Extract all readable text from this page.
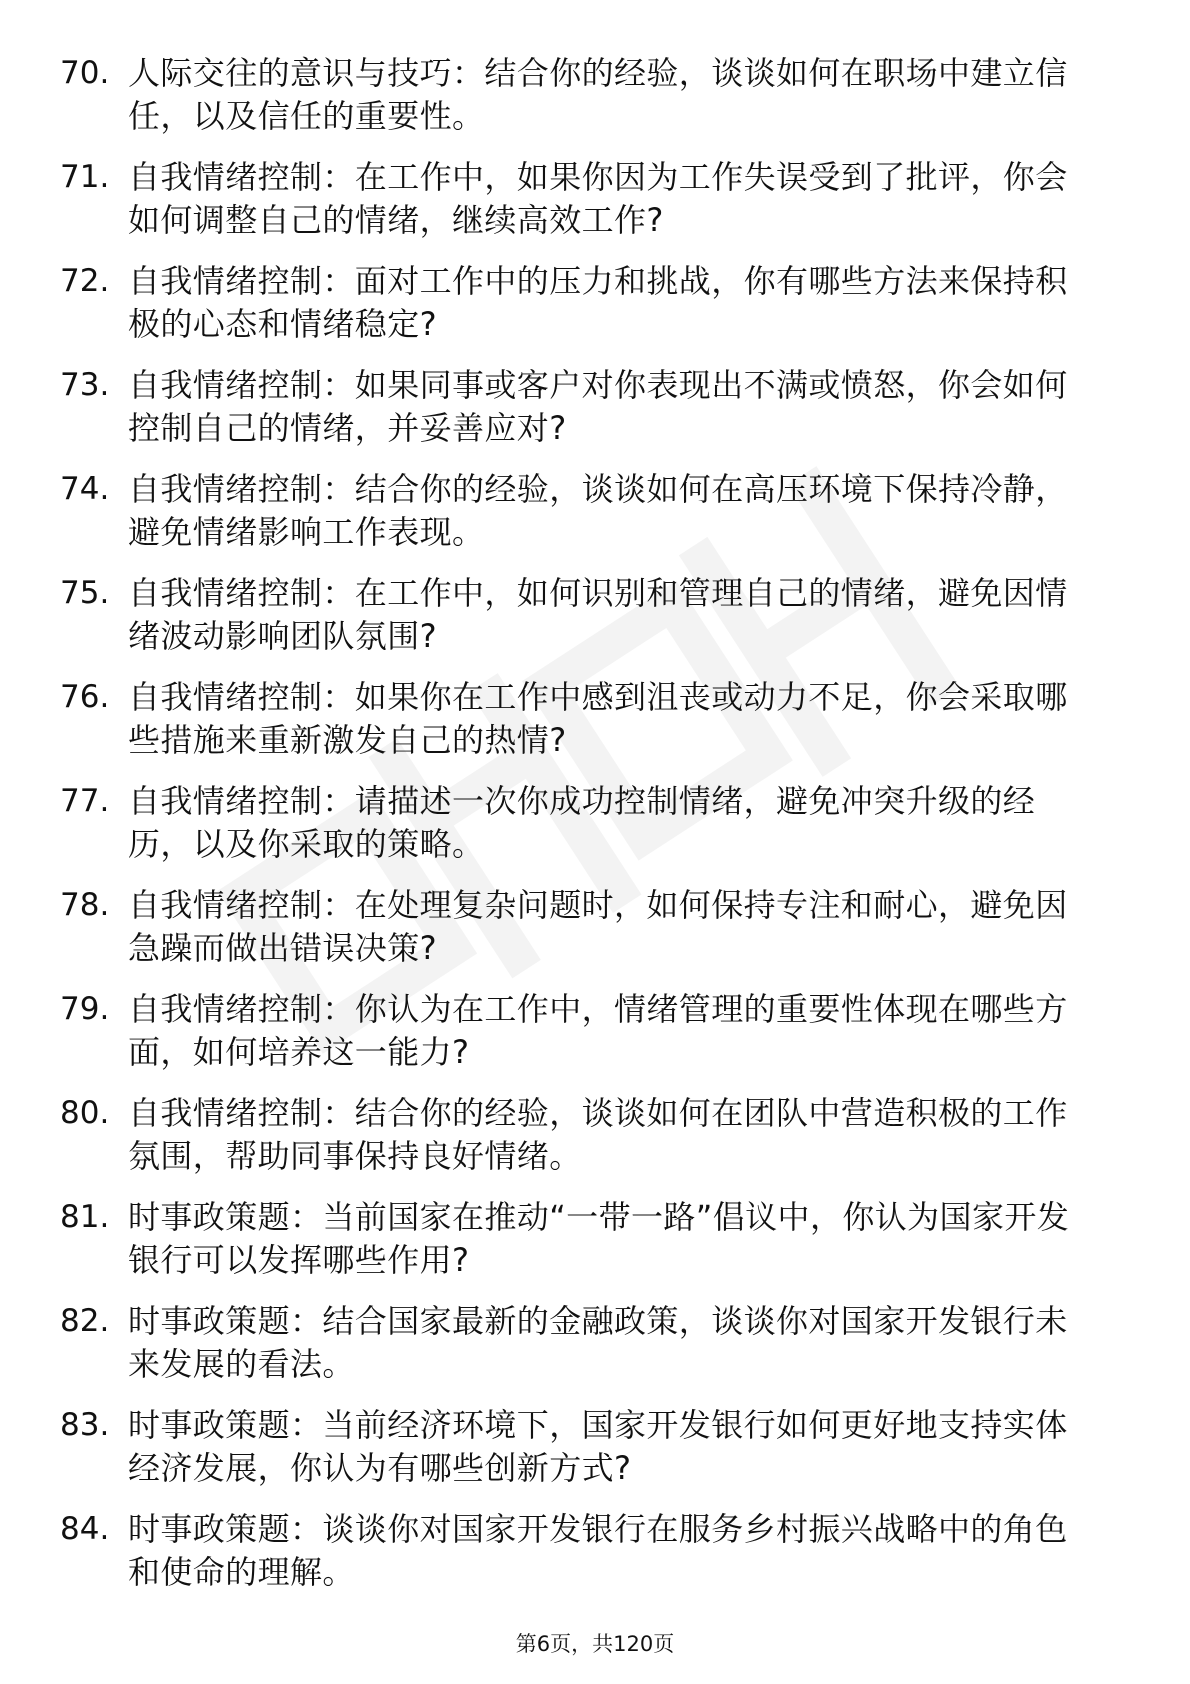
70. 人际交往的意识与技巧：结合你的经验，谈谈如何在职场中建立信任，以及信任的重要性。
71. 自我情绪控制：在工作中，如果你因为工作失误受到了批评，你会如何调整自己的情绪，继续高效工作?
72. 自我情绪控制：面对工作中的压力和挑战，你有哪些方法来保持积极的心态和情绪稳定?
73. 自我情绪控制：如果同事或客户对你表现出不满或愤怒，你会如何控制自己的情绪，并妥善应对?
74. 自我情绪控制：结合你的经验，谈谈如何在高压环境下保持冷静，避免情绪影响工作表现。
75. 自我情绪控制：在工作中，如何识别和管理自己的情绪，避免因情绪波动影响团队氛围?
76. 自我情绪控制：如果你在工作中感到沮丧或动力不足，你会采取哪些措施来重新激发自己的热情?
77. 自我情绪控制：请描述一次你成功控制情绪，避免冲突升级的经历，以及你采取的策略。
78. 自我情绪控制：在处理复杂问题时，如何保持专注和耐心，避免因急躁而做出错误决策?
79. 自我情绪控制：你认为在工作中，情绪管理的重要性体现在哪些方面，如何培养这一能力?
80. 自我情绪控制：结合你的经验，谈谈如何在团队中营造积极的工作氛围，帮助同事保持良好情绪。
81. 时事政策题：当前国家在推动“一带一路”倡议中，你认为国家开发银行可以发挥哪些作用?
82. 时事政策题：结合国家最新的金融政策，谈谈你对国家开发银行未来发展的看法。
83. 时事政策题：当前经济环境下，国家开发银行如何更好地支持实体经济发展，你认为有哪些创新方式?
84. 时事政策题：谈谈你对国家开发银行在服务乡村振兴战略中的角色和使命的理解。
第6页，共120页
